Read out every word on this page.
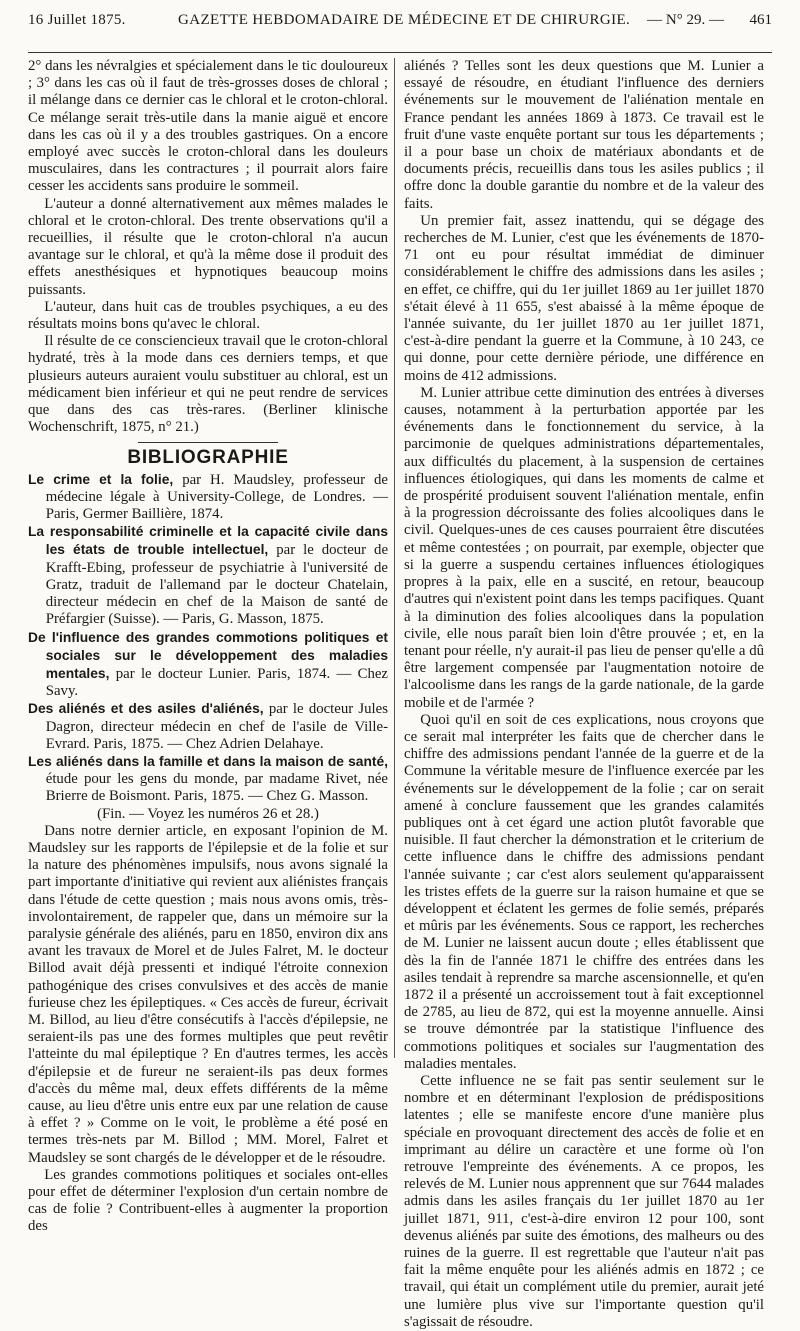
16 Juillet 1875.	GAZETTE HEBDOMADAIRE DE MÉDECINE ET DE CHIRURGIE. — N° 29. — 461

2° dans les névralgies et spécialement dans le tic douloureux ; 3° dans les cas où il faut de très-grosses doses de chloral ; il mélange dans ce dernier cas le chloral et le croton-chloral. Ce mélange serait très-utile dans la manie aiguë et encore dans les cas où il y a des troubles gastriques. On a encore employé avec succès le croton-chloral dans les douleurs musculaires, dans les contractures ; il pourrait alors faire cesser les accidents sans produire le sommeil.

L'auteur a donné alternativement aux mêmes malades le chloral et le croton-chloral. Des trente observations qu'il a recueillies, il résulte que le croton-chloral n'a aucun avantage sur le chloral, et qu'à la même dose il produit des effets anesthésiques et hypnotiques beaucoup moins puissants.

L'auteur, dans huit cas de troubles psychiques, a eu des résultats moins bons qu'avec le chloral.

Il résulte de ce consciencieux travail que le croton-chloral hydraté, très à la mode dans ces derniers temps, et que plusieurs auteurs auraient voulu substituer au chloral, est un médicament bien inférieur et qui ne peut rendre de services que dans des cas très-rares. (Berliner klinische Wochenschrift, 1875, n° 21.)

BIBLIOGRAPHIE

Le crime et la folie, par H. Maudsley, professeur de médecine légale à University-College, de Londres. — Paris, Germer Baillière, 1874.

La responsabilité criminelle et la capacité civile dans les états de trouble intellectuel, par le docteur de Krafft-Ebing, professeur de psychiatrie à l'université de Gratz, traduit de l'allemand par le docteur Chatelain, directeur médecin en chef de la Maison de santé de Préfargier (Suisse). — Paris, G. Masson, 1875.

De l'influence des grandes commotions politiques et sociales sur le développement des maladies mentales, par le docteur Lunier. Paris, 1874. — Chez Savy.

Des aliénés et des asiles d'aliénés, par le docteur Jules Dagron, directeur médecin en chef de l'asile de Ville-Evrard. Paris, 1875. — Chez Adrien Delahaye.

Les aliénés dans la famille et dans la maison de santé, étude pour les gens du monde, par madame Rivet, née Brierre de Boismont. Paris, 1875. — Chez G. Masson.

(Fin. — Voyez les numéros 26 et 28.)

Dans notre dernier article, en exposant l'opinion de M. Maudsley sur les rapports de l'épilepsie et de la folie et sur la nature des phénomènes impulsifs, nous avons signalé la part importante d'initiative qui revient aux aliénistes français dans l'étude de cette question ; mais nous avons omis, très-involontairement, de rappeler que, dans un mémoire sur la paralysie générale des aliénés, paru en 1850, environ dix ans avant les travaux de Morel et de Jules Falret, M. le docteur Billod avait déjà pressenti et indiqué l'étroite connexion pathogénique des crises convulsives et des accès de manie furieuse chez les épileptiques. « Ces accès de fureur, écrivait M. Billod, au lieu d'être consécutifs à l'accès d'épilepsie, ne seraient-ils pas une des formes multiples que peut revêtir l'atteinte du mal épileptique ? En d'autres termes, les accès d'épilepsie et de fureur ne seraient-ils pas deux formes d'accès du même mal, deux effets différents de la même cause, au lieu d'être unis entre eux par une relation de cause à effet ? » Comme on le voit, le problème a été posé en termes très-nets par M. Billod ; MM. Morel, Falret et Maudsley se sont chargés de le développer et de le résoudre.

Les grandes commotions politiques et sociales ont-elles pour effet de déterminer l'explosion d'un certain nombre de cas de folie ? Contribuent-elles à augmenter la proportion des

aliénés ? Telles sont les deux questions que M. Lunier a essayé de résoudre, en étudiant l'influence des derniers événements sur le mouvement de l'aliénation mentale en France pendant les années 1869 à 1873. Ce travail est le fruit d'une vaste enquête portant sur tous les départements ; il a pour base un choix de matériaux abondants et de documents précis, recueillis dans tous les asiles publics ; il offre donc la double garantie du nombre et de la valeur des faits.

Un premier fait, assez inattendu, qui se dégage des recherches de M. Lunier, c'est que les événements de 1870-71 ont eu pour résultat immédiat de diminuer considérablement le chiffre des admissions dans les asiles ; en effet, ce chiffre, qui du 1er juillet 1869 au 1er juillet 1870 s'était élevé à 11 655, s'est abaissé à la même époque de l'année suivante, du 1er juillet 1870 au 1er juillet 1871, c'est-à-dire pendant la guerre et la Commune, à 10 243, ce qui donne, pour cette dernière période, une différence en moins de 412 admissions.

M. Lunier attribue cette diminution des entrées à diverses causes, notamment à la perturbation apportée par les événements dans le fonctionnement du service, à la parcimonie de quelques administrations départementales, aux difficultés du placement, à la suspension de certaines influences étiologiques, qui dans les moments de calme et de prospérité produisent souvent l'aliénation mentale, enfin à la progression décroissante des folies alcooliques dans le civil. Quelques-unes de ces causes pourraient être discutées et même contestées ; on pourrait, par exemple, objecter que si la guerre a suspendu certaines influences étiologiques propres à la paix, elle en a suscité, en retour, beaucoup d'autres qui n'existent point dans les temps pacifiques. Quant à la diminution des folies alcooliques dans la population civile, elle nous paraît bien loin d'être prouvée ; et, en la tenant pour réelle, n'y aurait-il pas lieu de penser qu'elle a dû être largement compensée par l'augmentation notoire de l'alcoolisme dans les rangs de la garde nationale, de la garde mobile et de l'armée ?

Quoi qu'il en soit de ces explications, nous croyons que ce serait mal interpréter les faits que de chercher dans le chiffre des admissions pendant l'année de la guerre et de la Commune la véritable mesure de l'influence exercée par les événements sur le développement de la folie ; car on serait amené à conclure faussement que les grandes calamités publiques ont à cet égard une action plutôt favorable que nuisible. Il faut chercher la démonstration et le criterium de cette influence dans le chiffre des admissions pendant l'année suivante ; car c'est alors seulement qu'apparaissent les tristes effets de la guerre sur la raison humaine et que se développent et éclatent les germes de folie semés, préparés et mûris par les événements. Sous ce rapport, les recherches de M. Lunier ne laissent aucun doute ; elles établissent que dès la fin de l'année 1871 le chiffre des entrées dans les asiles tendait à reprendre sa marche ascensionnelle, et qu'en 1872 il a présenté un accroissement tout à fait exceptionnel de 2785, au lieu de 872, qui est la moyenne annuelle. Ainsi se trouve démontrée par la statistique l'influence des commotions politiques et sociales sur l'augmentation des maladies mentales.

Cette influence ne se fait pas sentir seulement sur le nombre et en déterminant l'explosion de prédispositions latentes ; elle se manifeste encore d'une manière plus spéciale en provoquant directement des accès de folie et en imprimant au délire un caractère et une forme où l'on retrouve l'empreinte des événements. A ce propos, les relevés de M. Lunier nous apprennent que sur 7644 malades admis dans les asiles français du 1er juillet 1870 au 1er juillet 1871, 911, c'est-à-dire environ 12 pour 100, sont devenus aliénés par suite des émotions, des malheurs ou des ruines de la guerre. Il est regrettable que l'auteur n'ait pas fait la même enquête pour les aliénés admis en 1872 ; ce travail, qui était un complément utile du premier, aurait jeté une lumière plus vive sur l'importante question qu'il s'agissait de résoudre.
